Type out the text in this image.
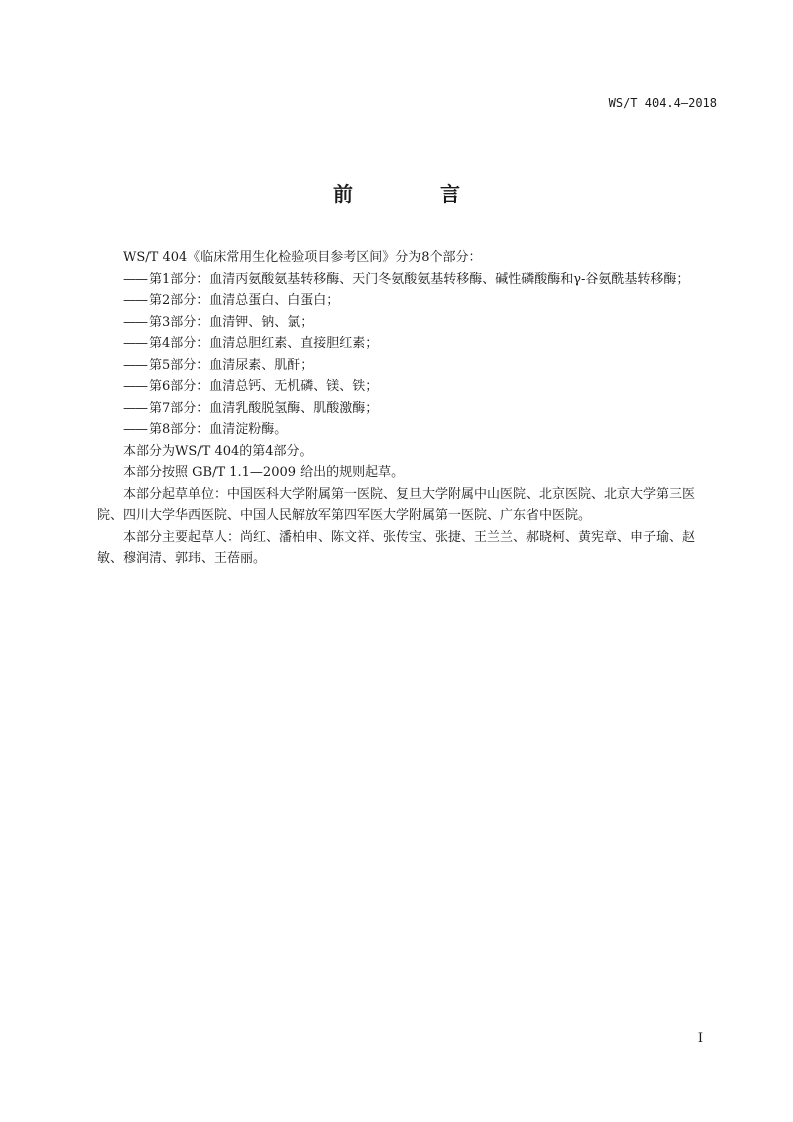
WS/T 404.4—2018
前 言

WS/T 404《临床常用生化检验项目参考区间》分为8个部分：

—— 第1部分：血清丙氨酸氨基转移酶、天门冬氨酸氨基转移酶、碱性磷酸酶和γ-谷氨酰基转移酶；

—— 第2部分：血清总蛋白、白蛋白；

—— 第3部分：血清钾、钠、氯；

—— 第4部分：血清总胆红素、直接胆红素；

—— 第5部分：血清尿素、肌酐；

—— 第6部分：血清总钙、无机磷、镁、铁；

—— 第7部分：血清乳酸脱氢酶、肌酸激酶；

—— 第8部分：血清淀粉酶。

本部分为WS/T 404的第4部分。

本部分按照 GB/T 1.1—2009 给出的规则起草。

本部分起草单位：中国医科大学附属第一医院、复旦大学附属中山医院、北京医院、北京大学第三医院、四川大学华西医院、中国人民解放军第四军医大学附属第一医院、广东省中医院。

本部分主要起草人：尚红、潘柏申、陈文祥、张传宝、张捷、王兰兰、郝晓柯、黄宪章、申子瑜、赵敏、穆润清、郭玮、王蓓丽。

I
